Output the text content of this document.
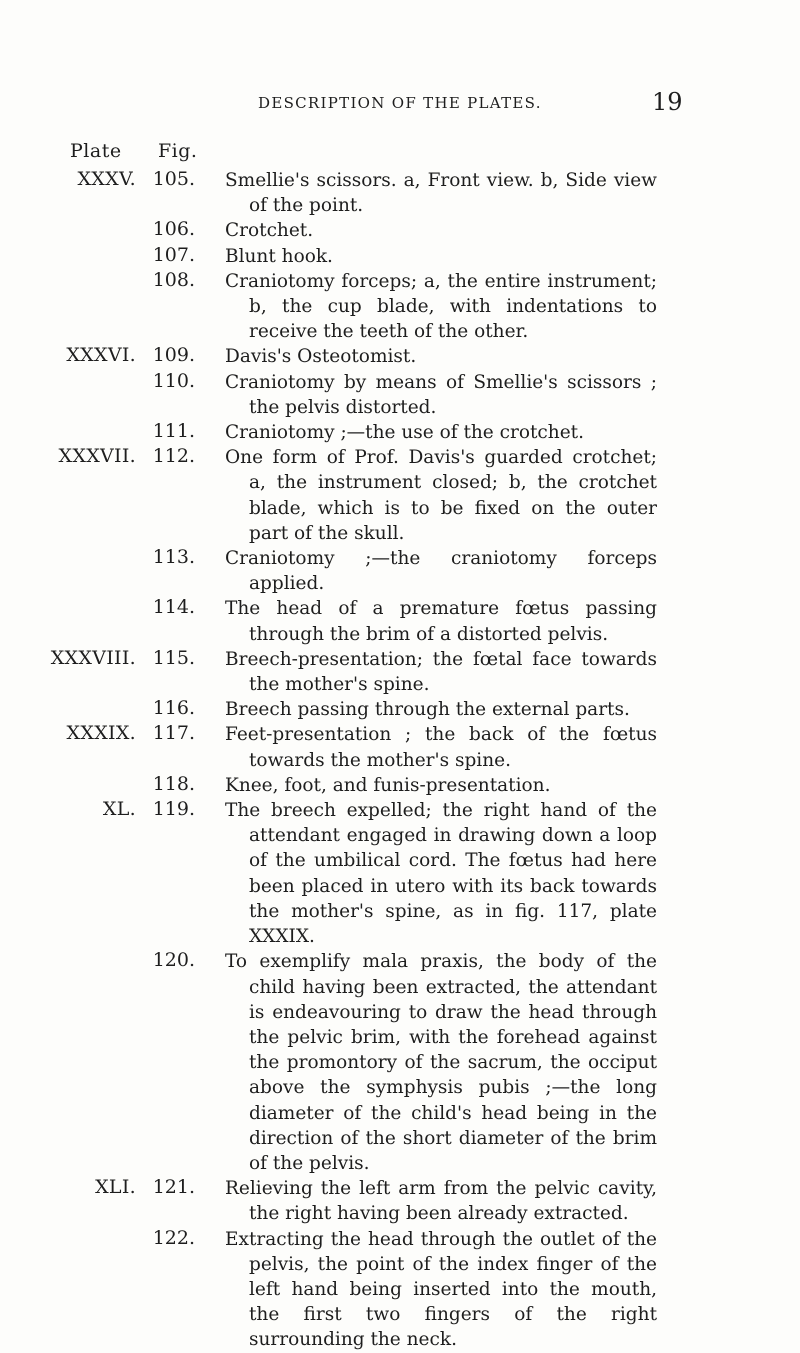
DESCRIPTION OF THE PLATES.	19
Plate Fig.
XXXV. 105. Smellie's scissors. a, Front view. b, Side view of the point.
106. Crotchet.
107. Blunt hook.
108. Craniotomy forceps; a, the entire instrument; b, the cup blade, with indentations to receive the teeth of the other.
XXXVI. 109. Davis's Osteotomist.
110. Craniotomy by means of Smellie's scissors ; the pelvis distorted.
111. Craniotomy ;—the use of the crotchet.
XXXVII. 112. One form of Prof. Davis's guarded crotchet; a, the instrument closed; b, the crotchet blade, which is to be fixed on the outer part of the skull.
113. Craniotomy ;—the craniotomy forceps applied.
114. The head of a premature fœtus passing through the brim of a distorted pelvis.
XXXVIII. 115. Breech-presentation; the fœtal face towards the mother's spine.
116. Breech passing through the external parts.
XXXIX. 117. Feet-presentation ; the back of the fœtus towards the mother's spine.
118. Knee, foot, and funis-presentation.
XL. 119. The breech expelled; the right hand of the attendant engaged in drawing down a loop of the umbilical cord. The fœtus had here been placed in utero with its back towards the mother's spine, as in fig. 117, plate XXXIX.
120. To exemplify mala praxis, the body of the child having been extracted, the attendant is endeavouring to draw the head through the pelvic brim, with the forehead against the promontory of the sacrum, the occiput above the symphysis pubis ;—the long diameter of the child's head being in the direction of the short diameter of the brim of the pelvis.
XLI. 121. Relieving the left arm from the pelvic cavity, the right having been already extracted.
122. Extracting the head through the outlet of the pelvis, the point of the index finger of the left hand being inserted into the mouth, the first two fingers of the right surrounding the neck.
